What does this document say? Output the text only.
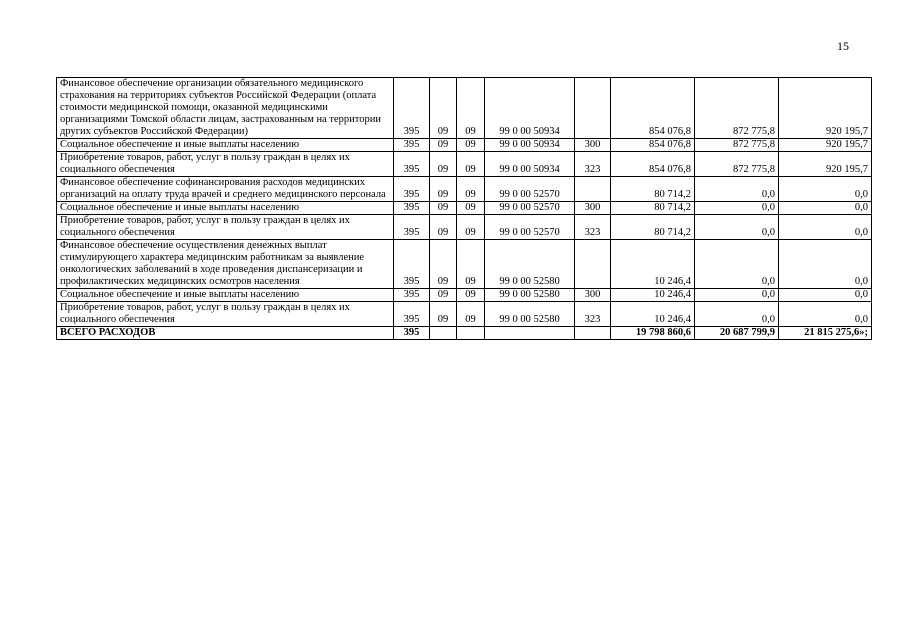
15
Финансовое обеспечение организации обязательного медицинского страхования на территориях субъектов Российской Федерации (оплата стоимости медицинской помощи, оказанной медицинскими организациями Томской области лицам, застрахованным на территории других субъектов Российской Федерации)	395	09	09	99 0 00 50934		854 076,8	872 775,8	920 195,7
Социальное обеспечение и иные выплаты населению	395	09	09	99 0 00 50934	300	854 076,8	872 775,8	920 195,7
Приобретение товаров, работ, услуг в пользу граждан в целях их социального обеспечения	395	09	09	99 0 00 50934	323	854 076,8	872 775,8	920 195,7
Финансовое обеспечение софинансирования расходов медицинских организаций на оплату труда врачей и среднего медицинского персонала	395	09	09	99 0 00 52570		80 714,2	0,0	0,0
Социальное обеспечение и иные выплаты населению	395	09	09	99 0 00 52570	300	80 714,2	0,0	0,0
Приобретение товаров, работ, услуг в пользу граждан в целях их социального обеспечения	395	09	09	99 0 00 52570	323	80 714,2	0,0	0,0
Финансовое обеспечение осуществления денежных выплат стимулирующего характера медицинским работникам за выявление онкологических заболеваний в ходе проведения диспансеризации и профилактических медицинских осмотров населения	395	09	09	99 0 00 52580		10 246,4	0,0	0,0
Социальное обеспечение и иные выплаты населению	395	09	09	99 0 00 52580	300	10 246,4	0,0	0,0
Приобретение товаров, работ, услуг в пользу граждан в целях их социального обеспечения	395	09	09	99 0 00 52580	323	10 246,4	0,0	0,0
ВСЕГО РАСХОДОВ	395					19 798 860,6	20 687 799,9	21 815 275,6»;
